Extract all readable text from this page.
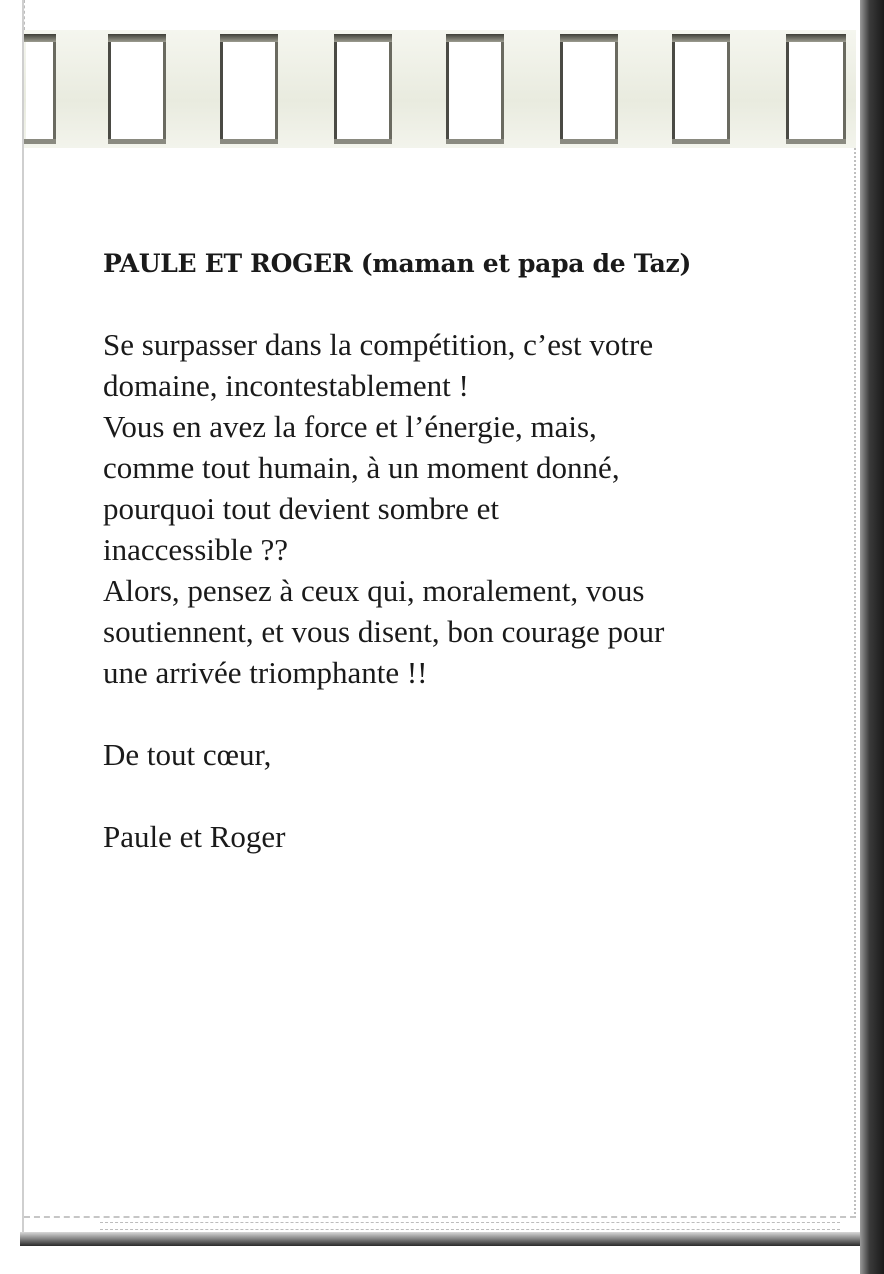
PAULE ET ROGER (maman et papa de Taz)

Se surpasser dans la compétition, c’est votre

domaine, incontestablement !

Vous en avez la force et l’énergie, mais,

comme tout humain, à un moment donné,

pourquoi tout devient sombre et

inaccessible ??

Alors, pensez à ceux qui, moralement, vous

soutiennent, et vous disent, bon courage pour

une arrivée triomphante !!

De tout cœur,

Paule et Roger
